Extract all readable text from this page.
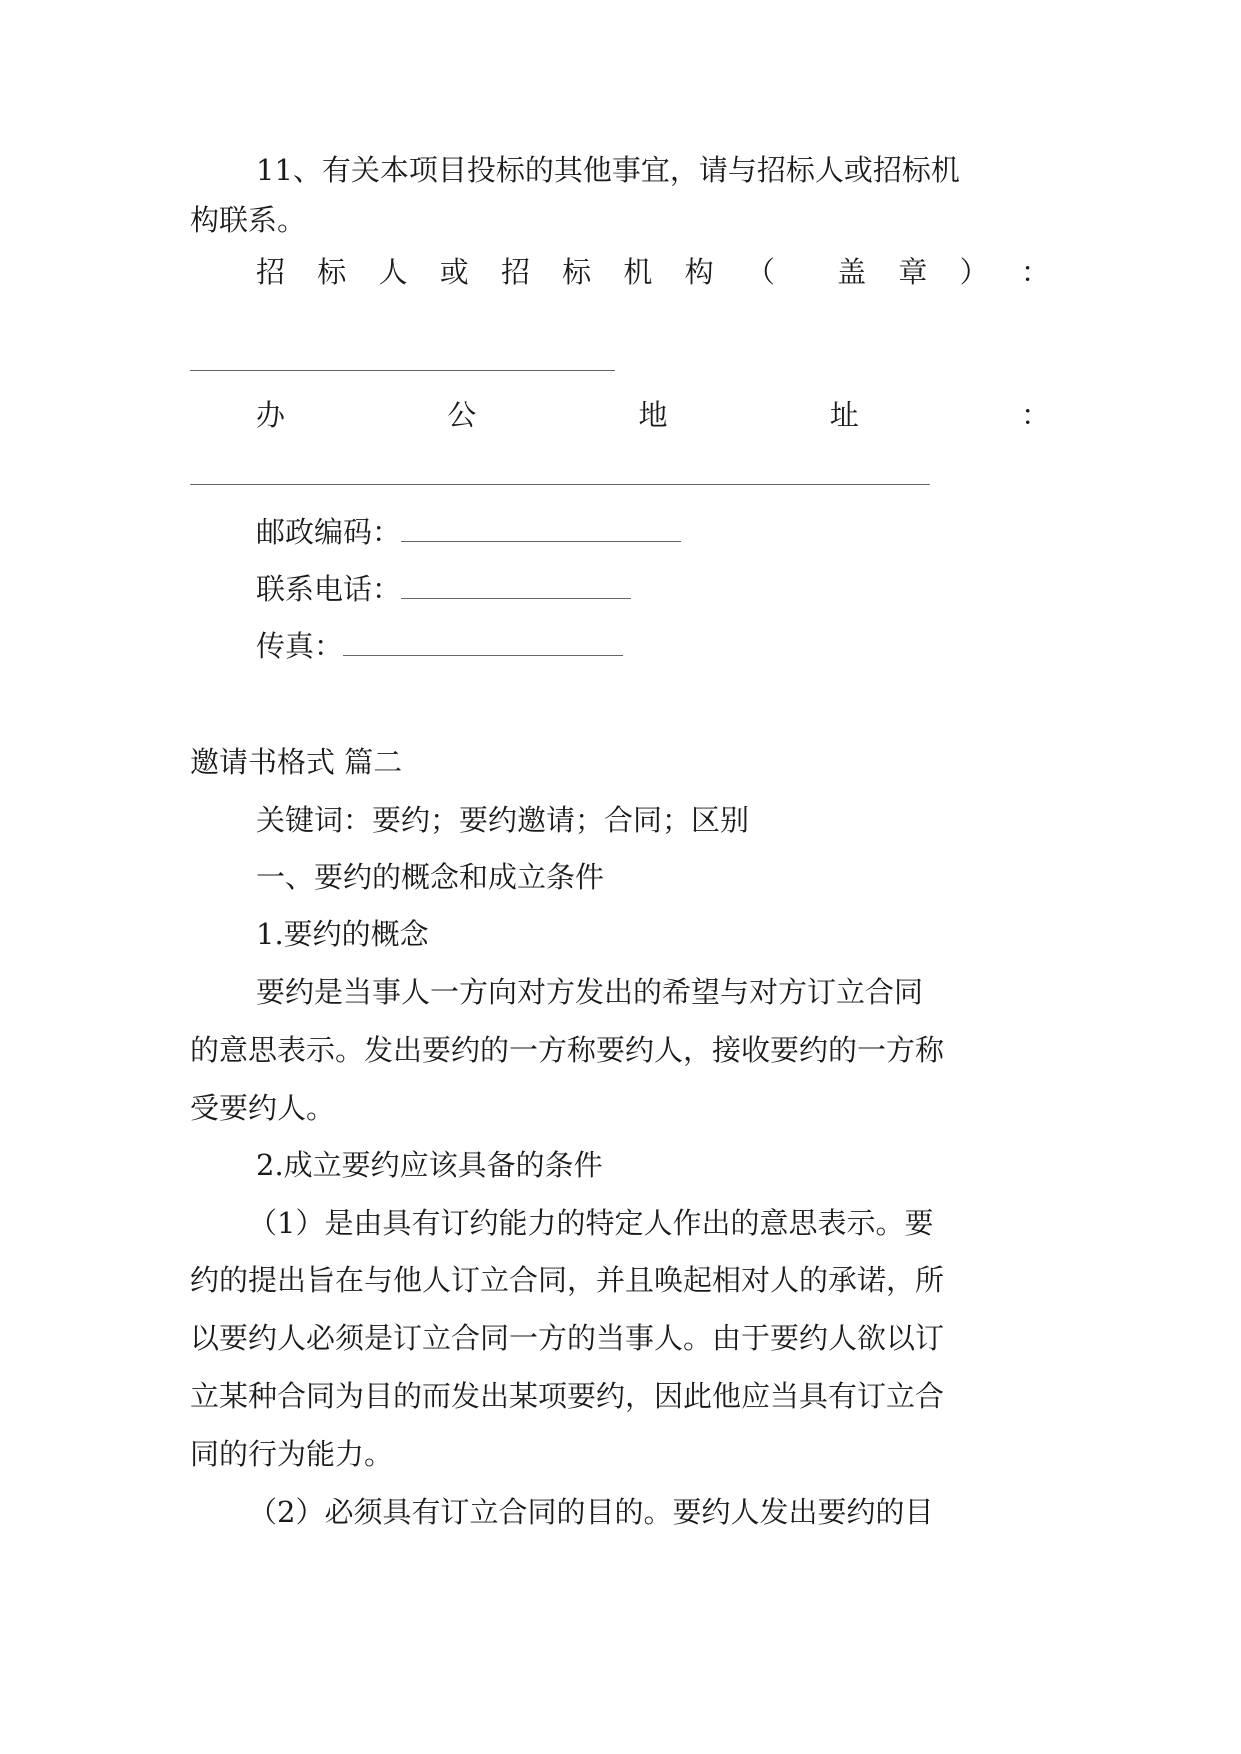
11、有关本项目投标的其他事宜，请与招标人或招标机
构联系。
招 标 人 或 招 标 机 构 （ 盖 章 ） ：
办	公	地	址	：
邮政编码：
联系电话：
传真：
邀请书格式 篇二
关键词：要约；要约邀请；合同；区别
一、要约的概念和成立条件
1.要约的概念
要约是当事人一方向对方发出的希望与对方订立合同
的意思表示。发出要约的一方称要约人，接收要约的一方称
受要约人。
2.成立要约应该具备的条件
（1）是由具有订约能力的特定人作出的意思表示。要
约的提出旨在与他人订立合同，并且唤起相对人的承诺，所
以要约人必须是订立合同一方的当事人。由于要约人欲以订
立某种合同为目的而发出某项要约，因此他应当具有订立合
同的行为能力。
（2）必须具有订立合同的目的。要约人发出要约的目
